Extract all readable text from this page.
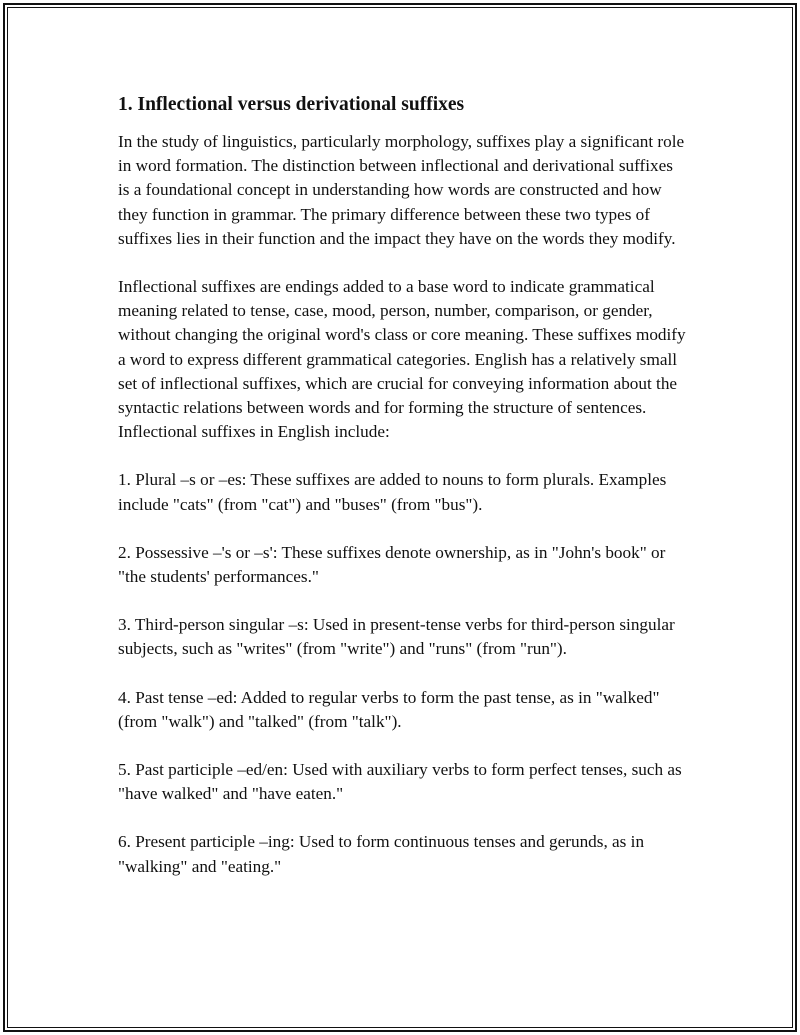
1. Inflectional versus derivational suffixes

In the study of linguistics, particularly morphology, suffixes play a significant role in word formation. The distinction between inflectional and derivational suffixes is a foundational concept in understanding how words are constructed and how they function in grammar. The primary difference between these two types of suffixes lies in their function and the impact they have on the words they modify.

Inflectional suffixes are endings added to a base word to indicate grammatical meaning related to tense, case, mood, person, number, comparison, or gender, without changing the original word's class or core meaning. These suffixes modify a word to express different grammatical categories. English has a relatively small set of inflectional suffixes, which are crucial for conveying information about the syntactic relations between words and for forming the structure of sentences. Inflectional suffixes in English include:

1. Plural –s or –es: These suffixes are added to nouns to form plurals. Examples include "cats" (from "cat") and "buses" (from "bus").

2. Possessive –'s or –s': These suffixes denote ownership, as in "John's book" or "the students' performances."

3. Third-person singular –s: Used in present-tense verbs for third-person singular subjects, such as "writes" (from "write") and "runs" (from "run").

4. Past tense –ed: Added to regular verbs to form the past tense, as in "walked" (from "walk") and "talked" (from "talk").

5. Past participle –ed/en: Used with auxiliary verbs to form perfect tenses, such as "have walked" and "have eaten."

6. Present participle –ing: Used to form continuous tenses and gerunds, as in "walking" and "eating."
